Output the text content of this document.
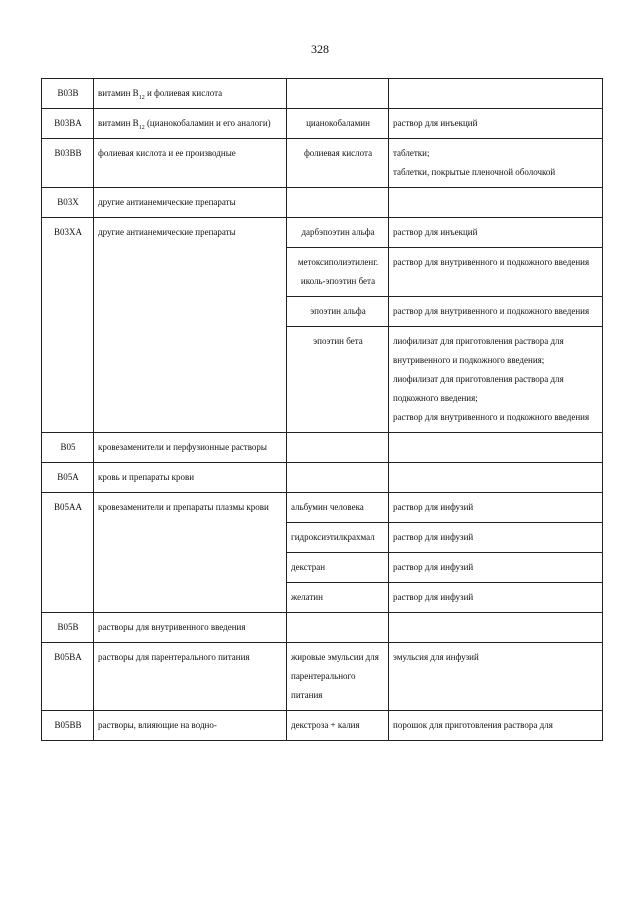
328
B03B	витамин $B_{12}$ и фолиевая кислота		
B03BA	витамин $B_{12}$ (цианокобаламин и его аналоги)	цианокобаламин	раствор для инъекций

B03BB	фолиевая кислота и ее производные	фолиевая кислота	таблетки;
таблетки, покрытые пленочной оболочкой

B03X	другие антианемические препараты		
B03XA	другие антианемические препараты	дарбэпоэтин альфа	раствор для инъекций

		метоксиполиэтиленг. иколь-эпоэтин бета	раствор для внутривенного и подкожного введения

		эпоэтин альфа	раствор для внутривенного и подкожного введения

		эпоэтин бета	лиофилизат для приготовления раствора для внутривенного и подкожного введения;
лиофилизат для приготовления раствора для подкожного введения;
раствор для внутривенного и подкожного введения

B05	кровезаменители и перфузионные растворы		
B05A	кровь и препараты крови		
B05AA	кровезаменители и препараты плазмы крови	альбумин человека	раствор для инфузий

		гидроксиэтилкрахмал	раствор для инфузий

		декстран	раствор для инфузий

		желатин	раствор для инфузий

B05B	растворы для внутривенного введения		
B05BA	растворы для парентерального питания	жировые эмульсии для парентерального питания	эмульсия для инфузий

B05BB	растворы, влияющие на водно-	декстроза + калия	порошок для приготовления раствора для
